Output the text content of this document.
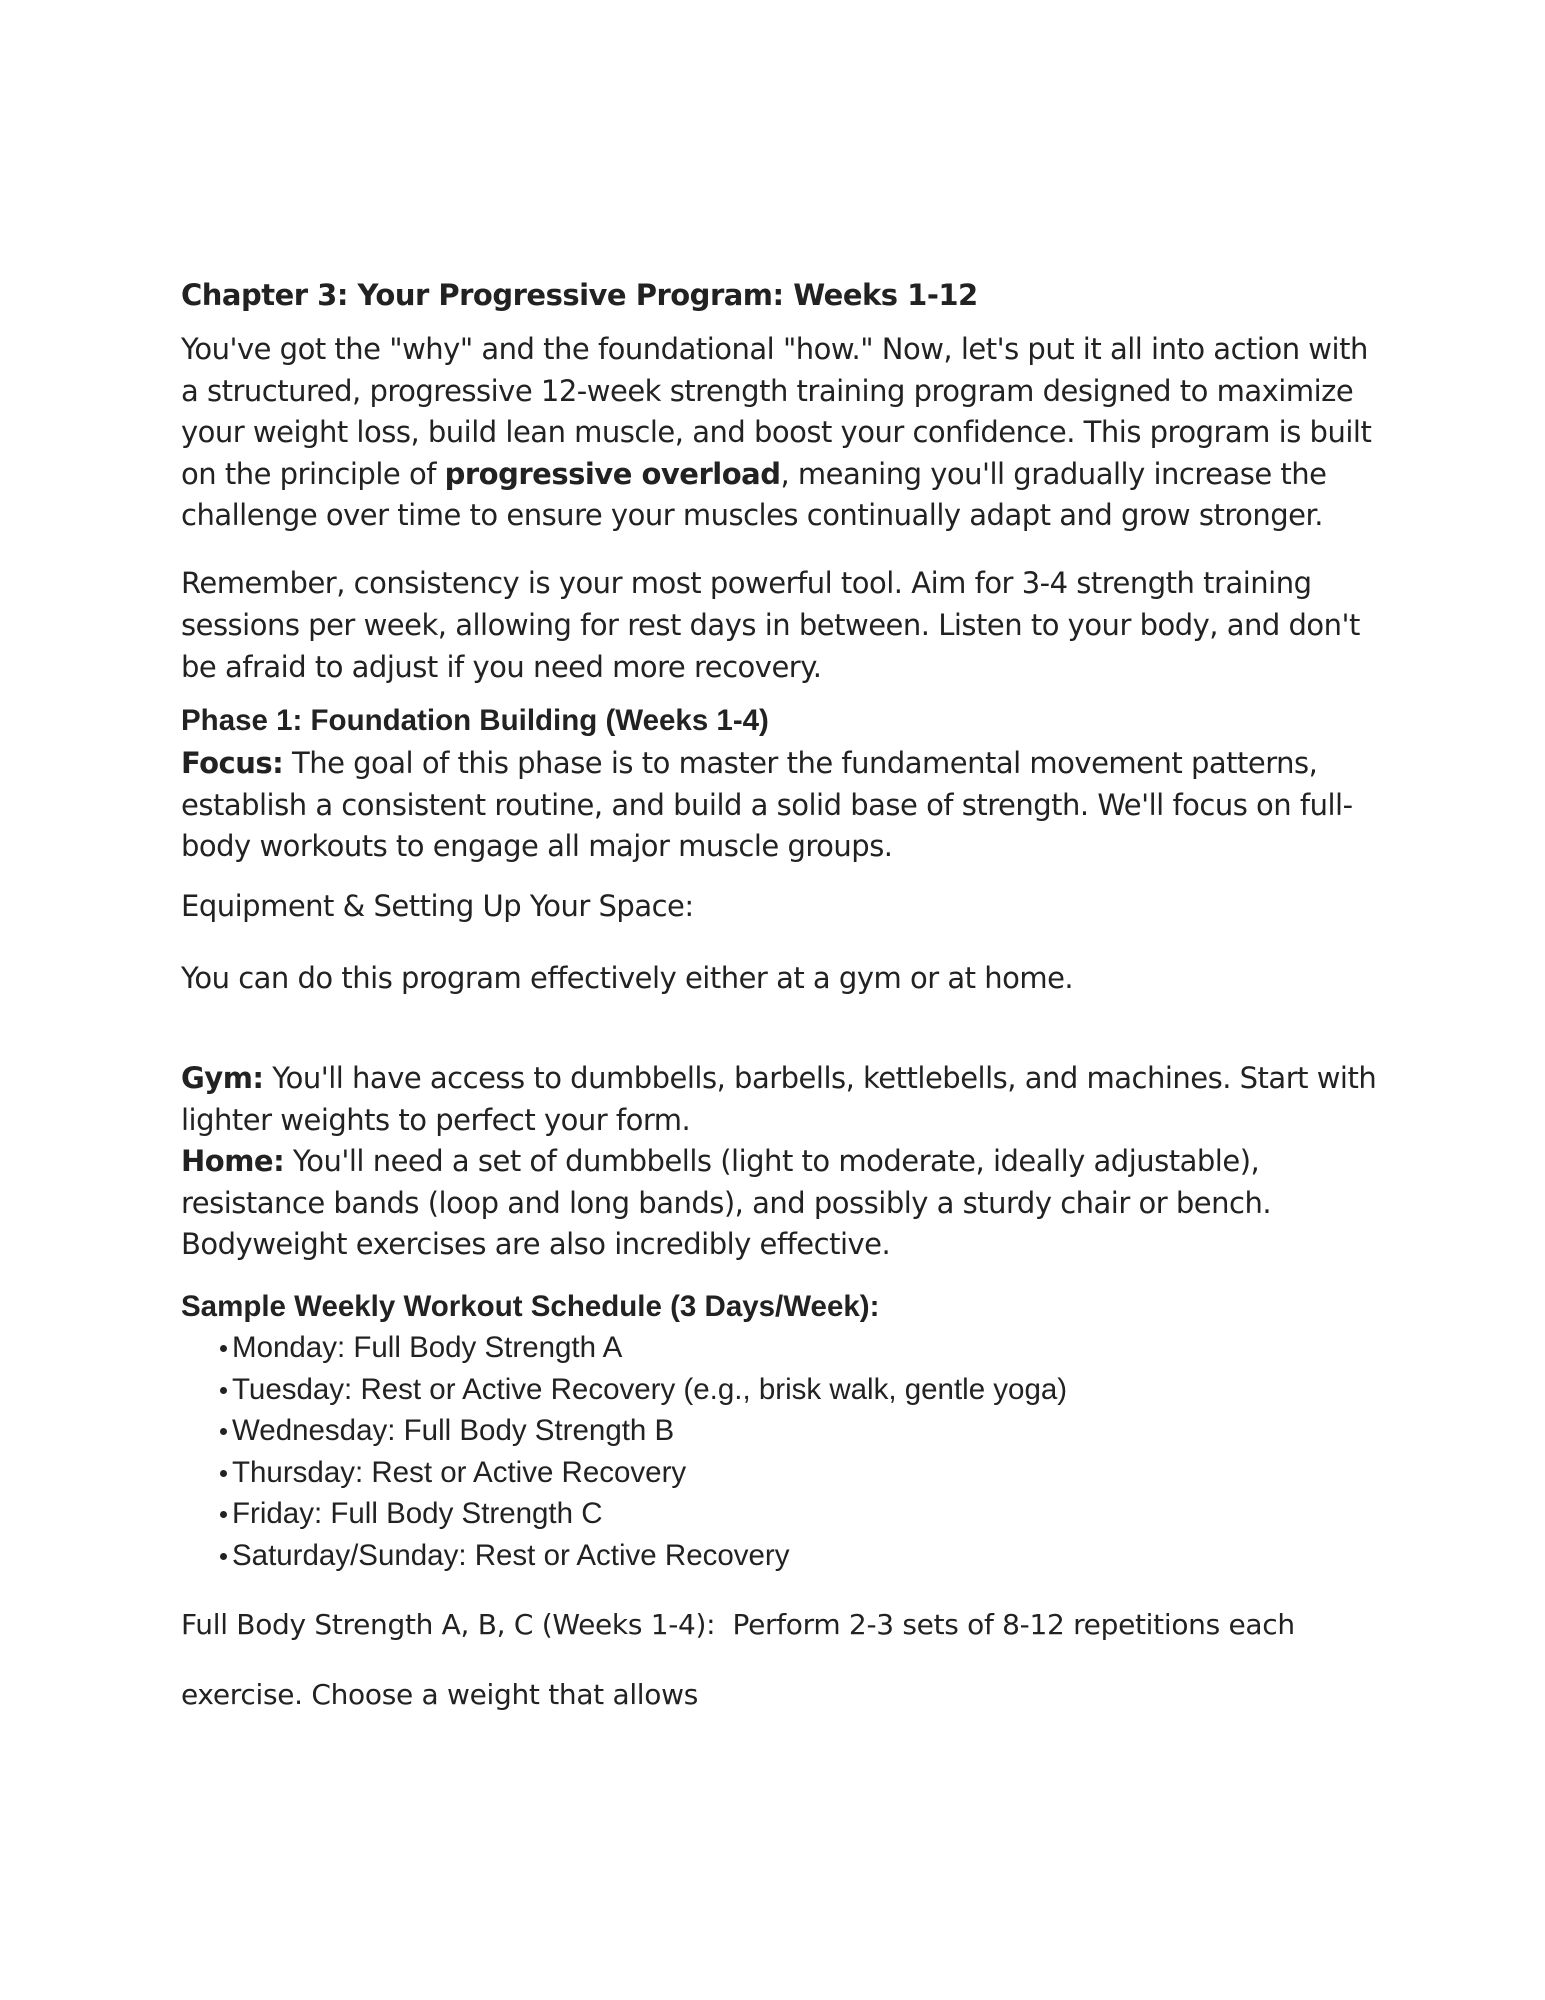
Chapter 3: Your Progressive Program: Weeks 1-12

You've got the "why" and the foundational "how." Now, let's put it all into action with a structured, progressive 12-week strength training program designed to maximize your weight loss, build lean muscle, and boost your confidence. This program is built on the principle of progressive overload, meaning you'll gradually increase the challenge over time to ensure your muscles continually adapt and grow stronger.

Remember, consistency is your most powerful tool. Aim for 3-4 strength training sessions per week, allowing for rest days in between. Listen to your body, and don't be afraid to adjust if you need more recovery.

Phase 1: Foundation Building (Weeks 1-4)

Focus: The goal of this phase is to master the fundamental movement patterns, establish a consistent routine, and build a solid base of strength. We'll focus on full-body workouts to engage all major muscle groups.

Equipment & Setting Up Your Space:

You can do this program effectively either at a gym or at home.

Gym: You'll have access to dumbbells, barbells, kettlebells, and machines. Start with lighter weights to perfect your form.

Home: You'll need a set of dumbbells (light to moderate, ideally adjustable), resistance bands (loop and long bands), and possibly a sturdy chair or bench. Bodyweight exercises are also incredibly effective.

Sample Weekly Workout Schedule (3 Days/Week):
Monday: Full Body Strength A
Tuesday: Rest or Active Recovery (e.g., brisk walk, gentle yoga)
Wednesday: Full Body Strength B
Thursday: Rest or Active Recovery
Friday: Full Body Strength C
Saturday/Sunday: Rest or Active Recovery

Full Body Strength A, B, C (Weeks 1-4):  Perform 2-3 sets of 8-12 repetitions each

exercise. Choose a weight that allows
